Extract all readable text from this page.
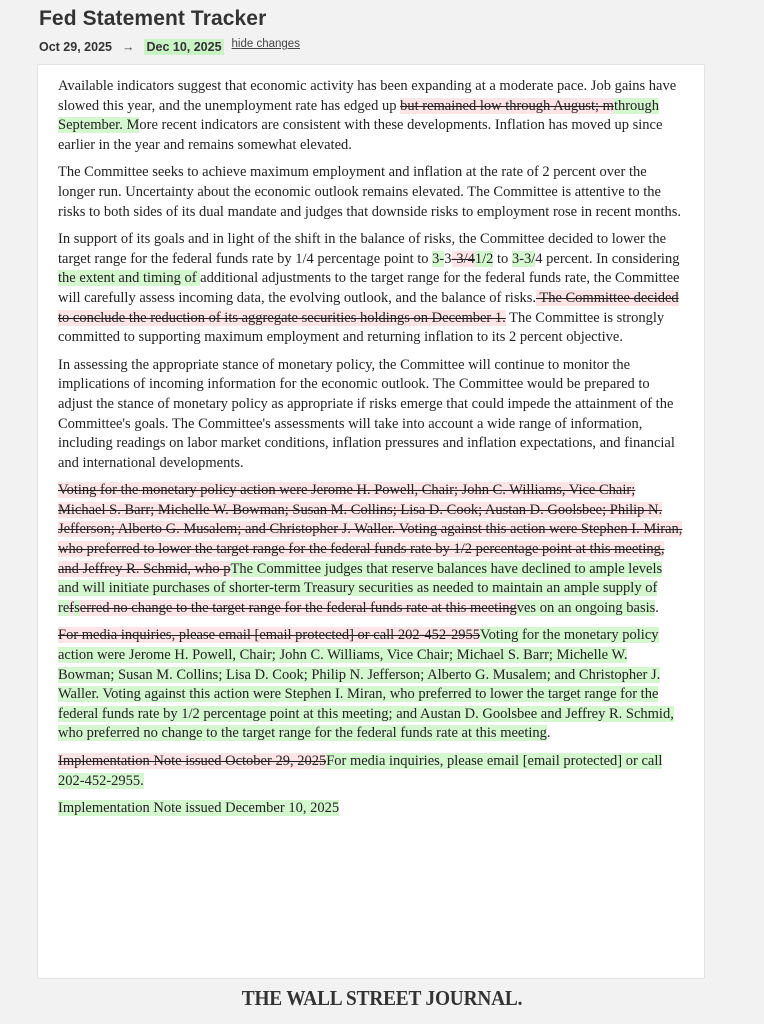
Fed Statement Tracker
Oct 29, 2025 → Dec 10, 2025 hide changes

Available indicators suggest that economic activity has been expanding at a moderate pace. Job gains have slowed this year, and the unemployment rate has edged up but remained low through August; mthrough September. More recent indicators are consistent with these developments. Inflation has moved up since earlier in the year and remains somewhat elevated.

The Committee seeks to achieve maximum employment and inflation at the rate of 2 percent over the longer run. Uncertainty about the economic outlook remains elevated. The Committee is attentive to the risks to both sides of its dual mandate and judges that downside risks to employment rose in recent months.

In support of its goals and in light of the shift in the balance of risks, the Committee decided to lower the target range for the federal funds rate by 1/4 percentage point to 3-3-3/41/2 to 3-3/4 percent. In considering the extent and timing of additional adjustments to the target range for the federal funds rate, the Committee will carefully assess incoming data, the evolving outlook, and the balance of risks. The Committee decided to conclude the reduction of its aggregate securities holdings on December 1. The Committee is strongly committed to supporting maximum employment and returning inflation to its 2 percent objective.

In assessing the appropriate stance of monetary policy, the Committee will continue to monitor the implications of incoming information for the economic outlook. The Committee would be prepared to adjust the stance of monetary policy as appropriate if risks emerge that could impede the attainment of the Committee's goals. The Committee's assessments will take into account a wide range of information, including readings on labor market conditions, inflation pressures and inflation expectations, and financial and international developments.

Voting for the monetary policy action were Jerome H. Powell, Chair; John C. Williams, Vice Chair; Michael S. Barr; Michelle W. Bowman; Susan M. Collins; Lisa D. Cook; Austan D. Goolsbee; Philip N. Jefferson; Alberto G. Musalem; and Christopher J. Waller. Voting against this action were Stephen I. Miran, who preferred to lower the target range for the federal funds rate by 1/2 percentage point at this meeting, and Jeffrey R. Schmid, who pThe Committee judges that reserve balances have declined to ample levels and will initiate purchases of shorter-term Treasury securities as needed to maintain an ample supply of refserred no change to the target range for the federal funds rate at this meetingves on an ongoing basis.

For media inquiries, please email [email protected] or call 202-452-2955Voting for the monetary policy action were Jerome H. Powell, Chair; John C. Williams, Vice Chair; Michael S. Barr; Michelle W. Bowman; Susan M. Collins; Lisa D. Cook; Philip N. Jefferson; Alberto G. Musalem; and Christopher J. Waller. Voting against this action were Stephen I. Miran, who preferred to lower the target range for the federal funds rate by 1/2 percentage point at this meeting; and Austan D. Goolsbee and Jeffrey R. Schmid, who preferred no change to the target range for the federal funds rate at this meeting.

Implementation Note issued October 29, 2025For media inquiries, please email [email protected] or call 202-452-2955.

Implementation Note issued December 10, 2025

THE WALL STREET JOURNAL.
